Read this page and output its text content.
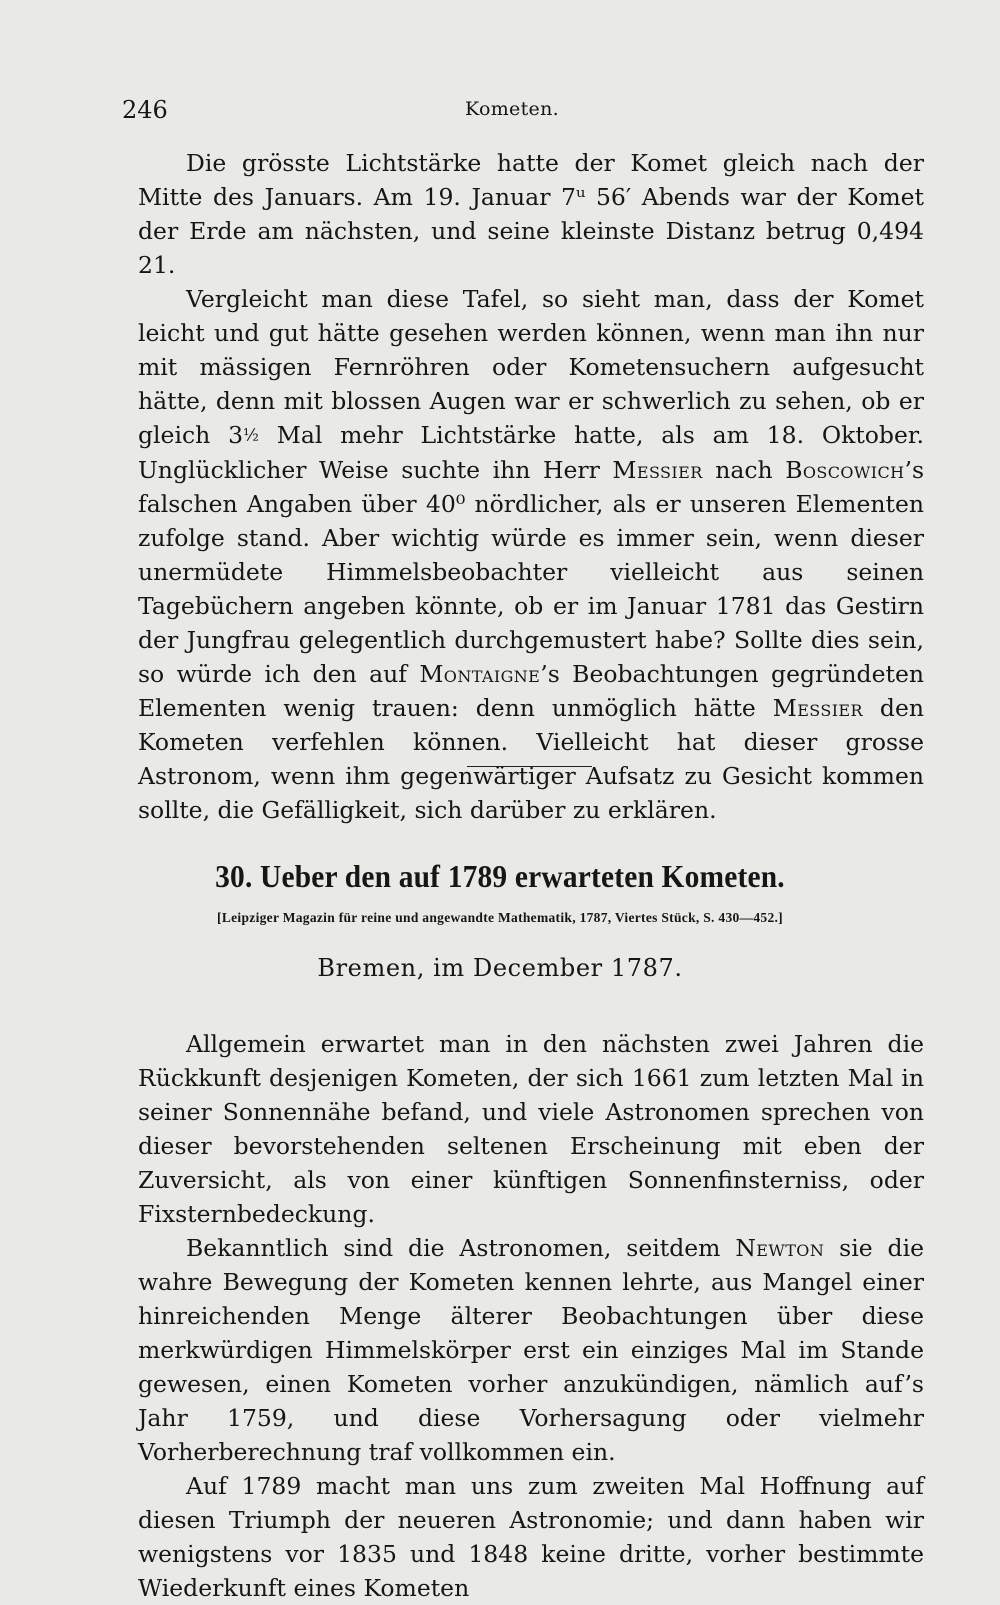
246	Kometen.

Die grösste Lichtstärke hatte der Komet gleich nach der Mitte des Januars. Am 19. Januar 7ᵘ 56′ Abends war der Komet der Erde am nächsten, und seine kleinste Distanz betrug 0,494 21.

Vergleicht man diese Tafel, so sieht man, dass der Komet leicht und gut hätte gesehen werden können, wenn man ihn nur mit mässigen Fernröhren oder Kometensuchern aufgesucht hätte, denn mit blossen Augen war er schwerlich zu sehen, ob er gleich 3½ Mal mehr Lichtstärke hatte, als am 18. Oktober. Unglücklicher Weise suchte ihn Herr Messier nach Boscowich’s falschen Angaben über 40⁰ nördlicher, als er unseren Elementen zufolge stand. Aber wichtig würde es immer sein, wenn dieser unermüdete Himmelsbeobachter vielleicht aus seinen Tagebüchern angeben könnte, ob er im Januar 1781 das Gestirn der Jungfrau gelegentlich durchgemustert habe? Sollte dies sein, so würde ich den auf Montaigne’s Beobachtungen gegründeten Elementen wenig trauen: denn unmöglich hätte Messier den Kometen verfehlen können. Vielleicht hat dieser grosse Astronom, wenn ihm gegenwärtiger Aufsatz zu Gesicht kommen sollte, die Gefälligkeit, sich darüber zu erklären.

30. Ueber den auf 1789 erwarteten Kometen.
[Leipziger Magazin für reine und angewandte Mathematik, 1787, Viertes Stück, S. 430—452.]
Bremen, im December 1787.

Allgemein erwartet man in den nächsten zwei Jahren die Rückkunft desjenigen Kometen, der sich 1661 zum letzten Mal in seiner Sonnennähe befand, und viele Astronomen sprechen von dieser bevorstehenden seltenen Erscheinung mit eben der Zuversicht, als von einer künftigen Sonnenfinsterniss, oder Fixsternbedeckung.

Bekanntlich sind die Astronomen, seitdem Newton sie die wahre Bewegung der Kometen kennen lehrte, aus Mangel einer hinreichenden Menge älterer Beobachtungen über diese merkwürdigen Himmelskörper erst ein einziges Mal im Stande gewesen, einen Kometen vorher anzukündigen, nämlich auf’s Jahr 1759, und diese Vorhersagung oder vielmehr Vorherberechnung traf vollkommen ein.

Auf 1789 macht man uns zum zweiten Mal Hoffnung auf diesen Triumph der neueren Astronomie; und dann haben wir wenigstens vor 1835 und 1848 keine dritte, vorher bestimmte Wiederkunft eines Kometen
